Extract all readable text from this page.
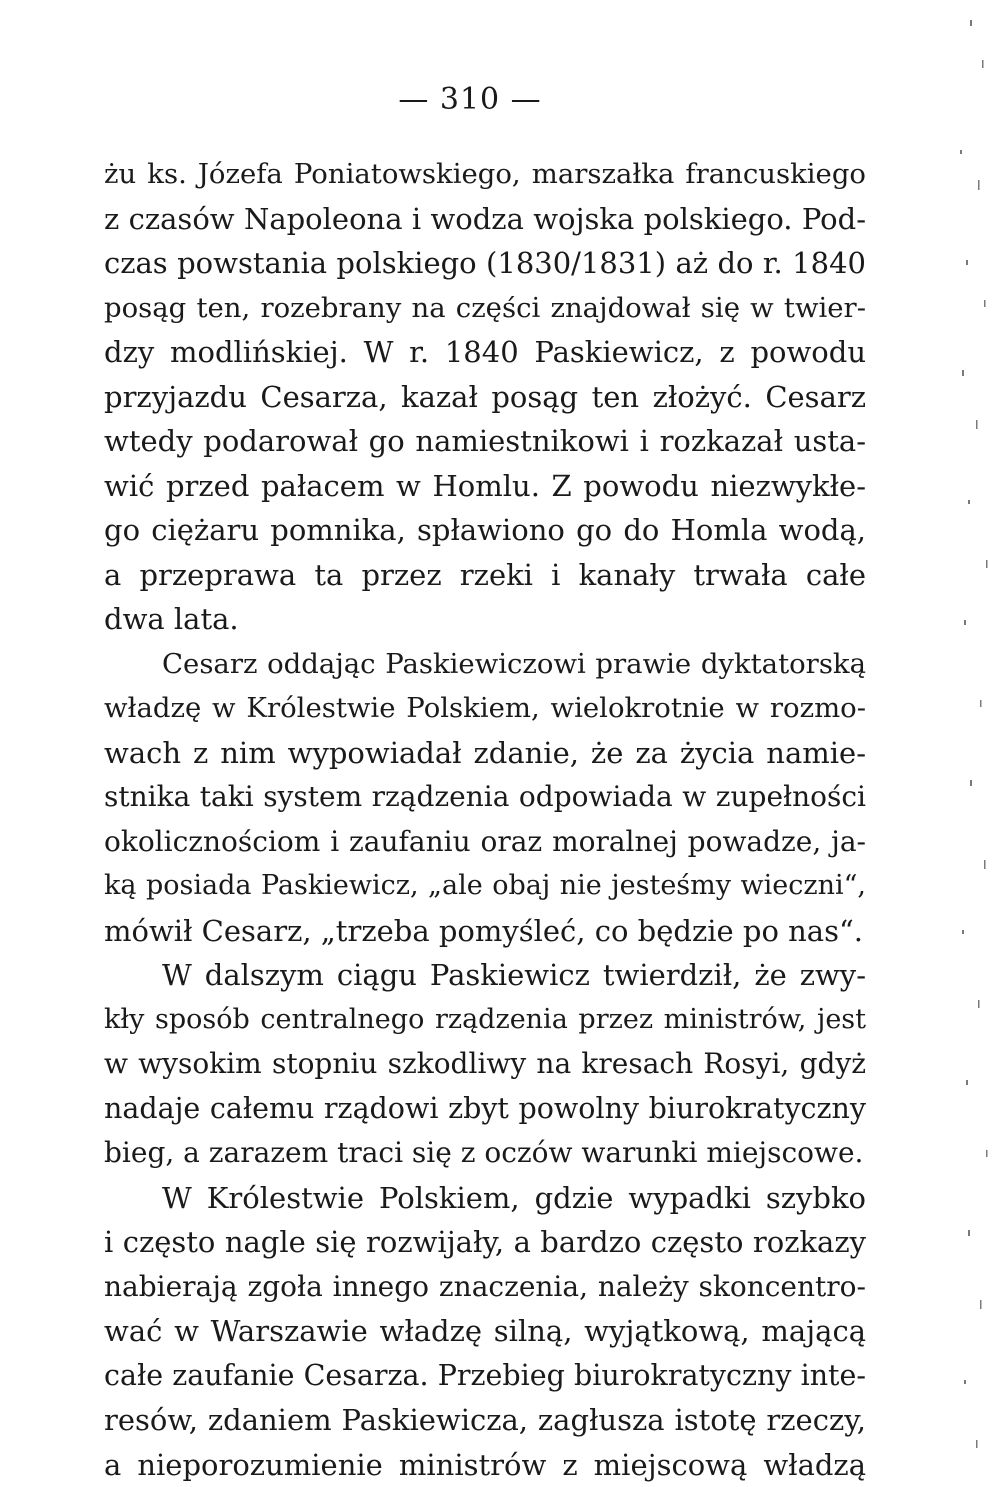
— 310 —
żu ks. Józefa Poniatowskiego, marszałka francuskiego
z czasów Napoleona i wodza wojska polskiego. Pod-
czas powstania polskiego (1830/1831) aż do r. 1840
posąg ten, rozebrany na części znajdował się w twier-
dzy modlińskiej. W r. 1840 Paskiewicz, z powodu
przyjazdu Cesarza, kazał posąg ten złożyć. Cesarz
wtedy podarował go namiestnikowi i rozkazał usta-
wić przed pałacem w Homlu. Z powodu niezwykłe-
go ciężaru pomnika, spławiono go do Homla wodą,
a przeprawa ta przez rzeki i kanały trwała całe
dwa lata.
Cesarz oddając Paskiewiczowi prawie dyktatorską
władzę w Królestwie Polskiem, wielokrotnie w rozmo-
wach z nim wypowiadał zdanie, że za życia namie-
stnika taki system rządzenia odpowiada w zupełności
okolicznościom i zaufaniu oraz moralnej powadze, ja-
ką posiada Paskiewicz, „ale obaj nie jesteśmy wieczni“,
mówił Cesarz, „trzeba pomyśleć, co będzie po nas“.
W dalszym ciągu Paskiewicz twierdził, że zwy-
kły sposób centralnego rządzenia przez ministrów, jest
w wysokim stopniu szkodliwy na kresach Rosyi, gdyż
nadaje całemu rządowi zbyt powolny biurokratyczny
bieg, a zarazem traci się z oczów warunki miejscowe.
W Królestwie Polskiem, gdzie wypadki szybko
i często nagle się rozwijały, a bardzo często rozkazy
nabierają zgoła innego znaczenia, należy skoncentro-
wać w Warszawie władzę silną, wyjątkową, mającą
całe zaufanie Cesarza. Przebieg biurokratyczny inte-
resów, zdaniem Paskiewicza, zagłusza istotę rzeczy,
a nieporozumienie ministrów z miejscową władzą
